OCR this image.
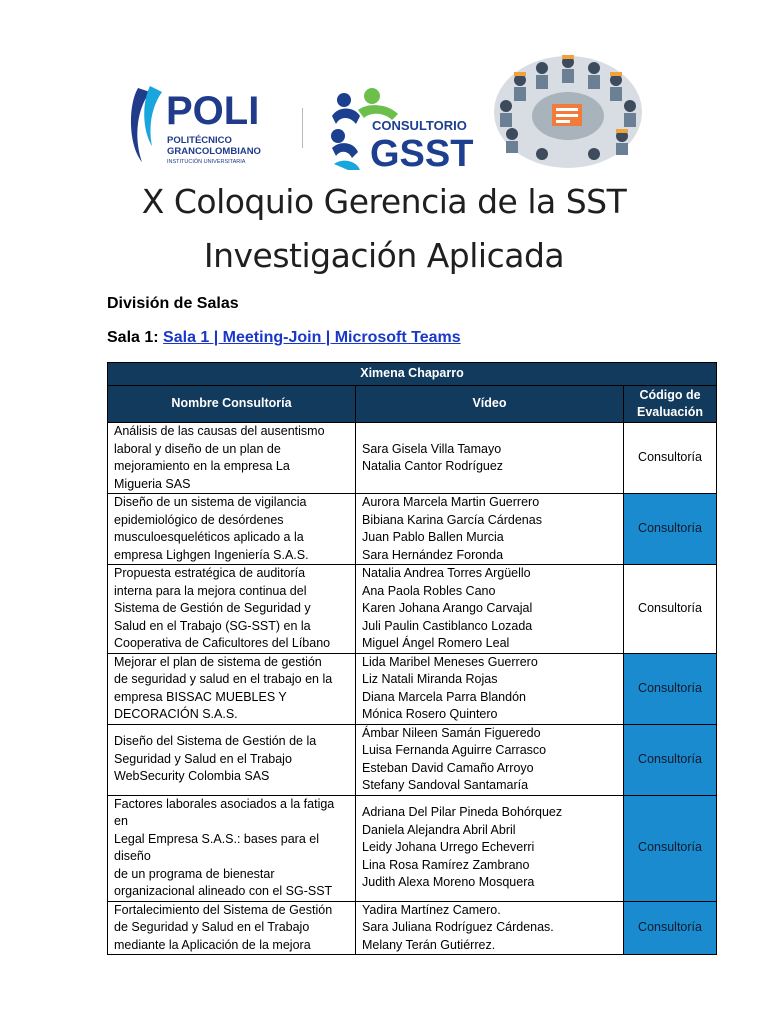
POLI
POLITÉCNICO
GRANCOLOMBIANO
INSTITUCIÓN UNIVERSITARIA
CONSULTORIO
GSST
X Coloquio Gerencia de la SST
Investigación Aplicada
División de Salas
Sala 1: Sala 1 | Meeting-Join | Microsoft Teams
Ximena Chaparro		
Nombre Consultoría	Vídeo	Código de Evaluación

Análisis de las causas del ausentismo
laboral y diseño de un plan de
mejoramiento en la empresa La
Migueria SAS	Sara Gisela Villa Tamayo
Natalia Cantor Rodríguez	Consultoría

Diseño de un sistema de vigilancia
epidemiológico de desórdenes
musculoesqueléticos aplicado a la
empresa Lighgen Ingeniería S.A.S.	Aurora Marcela Martin Guerrero
Bibiana Karina García Cárdenas
Juan Pablo Ballen Murcia
Sara Hernández Foronda	Consultoría

Propuesta estratégica de auditoría
interna para la mejora continua del
Sistema de Gestión de Seguridad y
Salud en el Trabajo (SG-SST) en la
Cooperativa de Caficultores del Líbano	Natalia Andrea Torres Argüello
Ana Paola Robles Cano
Karen Johana Arango Carvajal
Juli Paulin Castiblanco Lozada
Miguel Ángel Romero Leal	Consultoría

Mejorar el plan de sistema de gestión
de seguridad y salud en el trabajo en la
empresa BISSAC MUEBLES Y
DECORACIÓN S.A.S.	Lida Maribel Meneses Guerrero
Liz Natali Miranda Rojas
Diana Marcela Parra Blandón
Mónica Rosero Quintero	Consultoría

Diseño del Sistema de Gestión de la
Seguridad y Salud en el Trabajo
WebSecurity Colombia SAS	Ámbar Nileen Samán Figueredo
Luisa Fernanda Aguirre Carrasco
Esteban David Camaño Arroyo
Stefany Sandoval Santamaría	Consultoría

Factores laborales asociados a la fatiga en
Legal Empresa S.A.S.: bases para el diseño
de un programa de bienestar
organizacional alineado con el SG-SST	Adriana Del Pilar Pineda Bohórquez
Daniela Alejandra Abril Abril
Leidy Johana Urrego Echeverri
Lina Rosa Ramírez Zambrano
Judith Alexa Moreno Mosquera	Consultoría

Fortalecimiento del Sistema de Gestión
de Seguridad y Salud en el Trabajo
mediante la Aplicación de la mejora	Yadira Martínez Camero.
Sara Juliana Rodríguez Cárdenas.
Melany Terán Gutiérrez.	Consultoría
